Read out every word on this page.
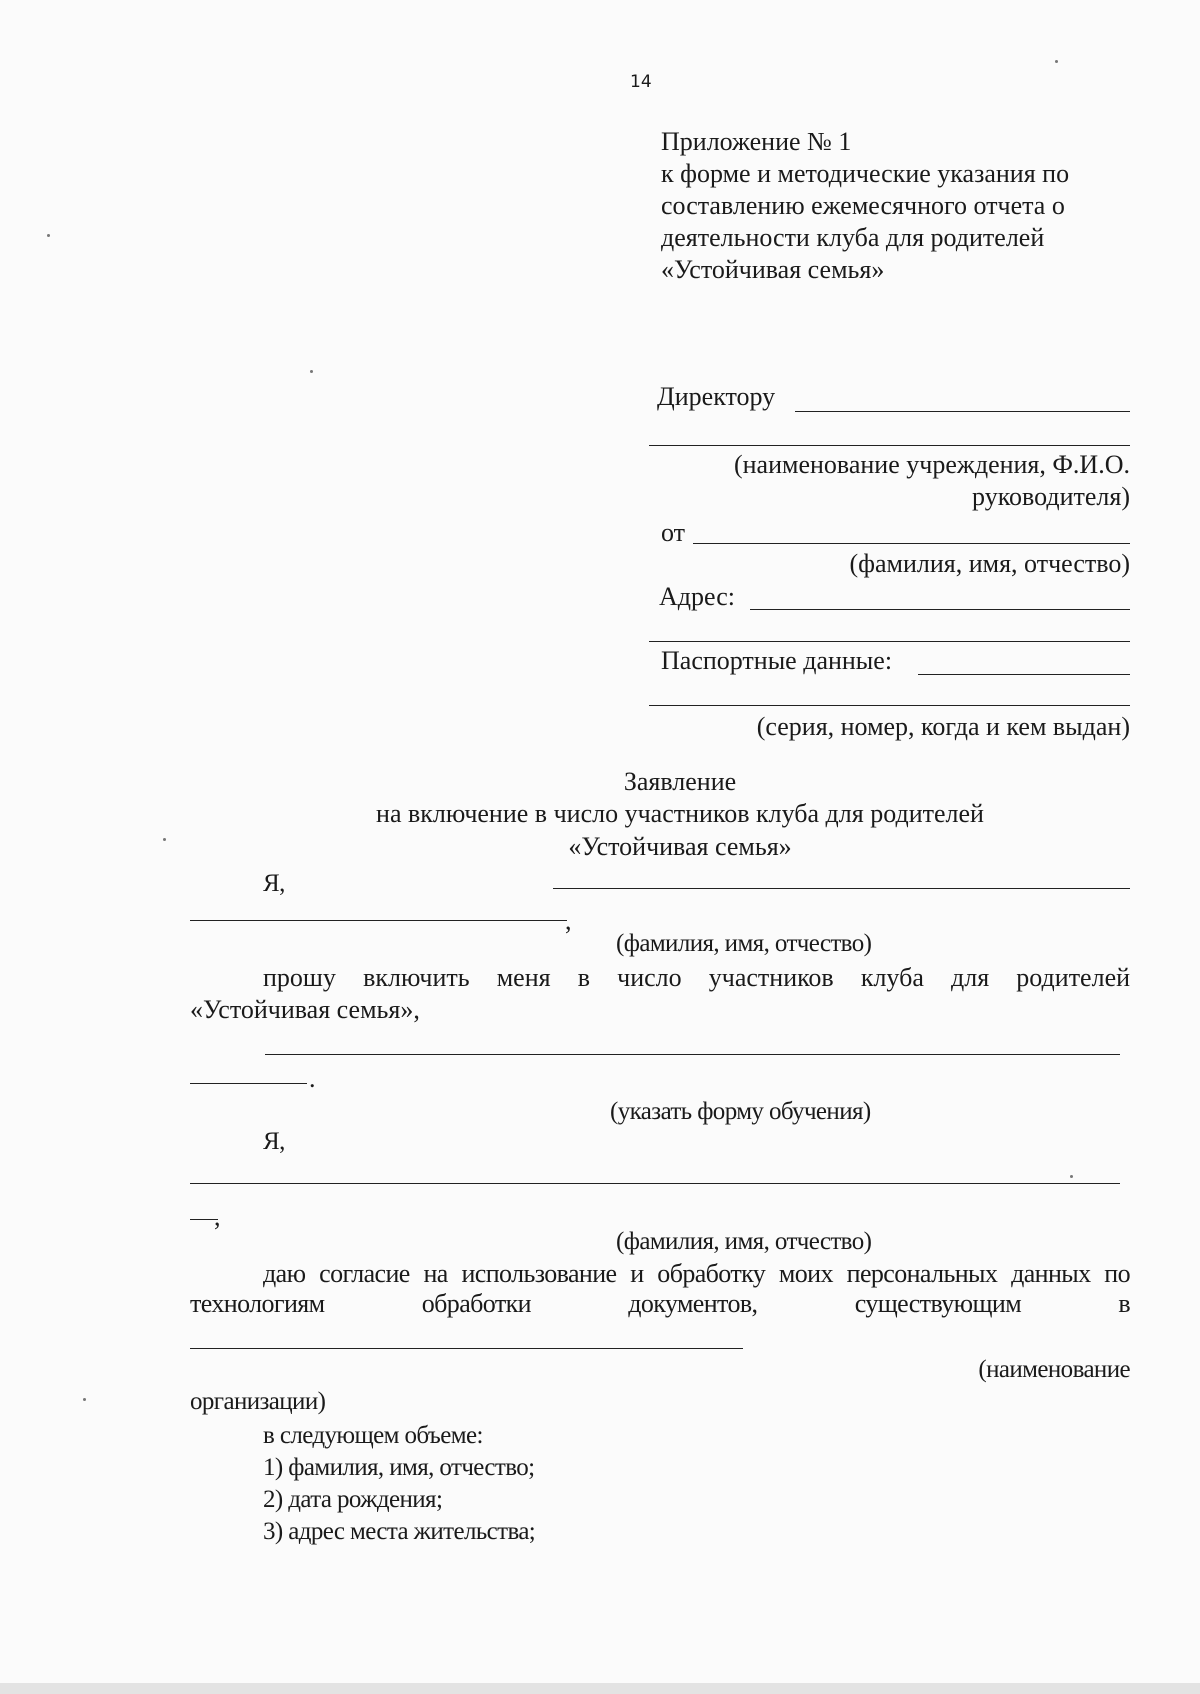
14
Приложение № 1
к форме и методические указания по
составлению ежемесячного отчета о
деятельности клуба для родителей
«Устойчивая семья»
Директору
(наименование учреждения, Ф.И.О.
руководителя)
от
(фамилия, имя, отчество)
Адрес:
Паспортные данные:
(серия, номер, когда и кем выдан)
Заявление
на включение в число участников клуба для родителей
«Устойчивая семья»
Я,
,
(фамилия, имя, отчество)
прошу включить меня в число участников клуба для родителей
«Устойчивая семья»,
.
(указать форму обучения)
Я,
,
(фамилия, имя, отчество)
даю согласие на использование и обработку моих персональных данных по
технологиям	обработки	документов,	существующим	в
(наименование
организации)
в следующем объеме:
1) фамилия, имя, отчество;
2) дата рождения;
3) адрес места жительства;
